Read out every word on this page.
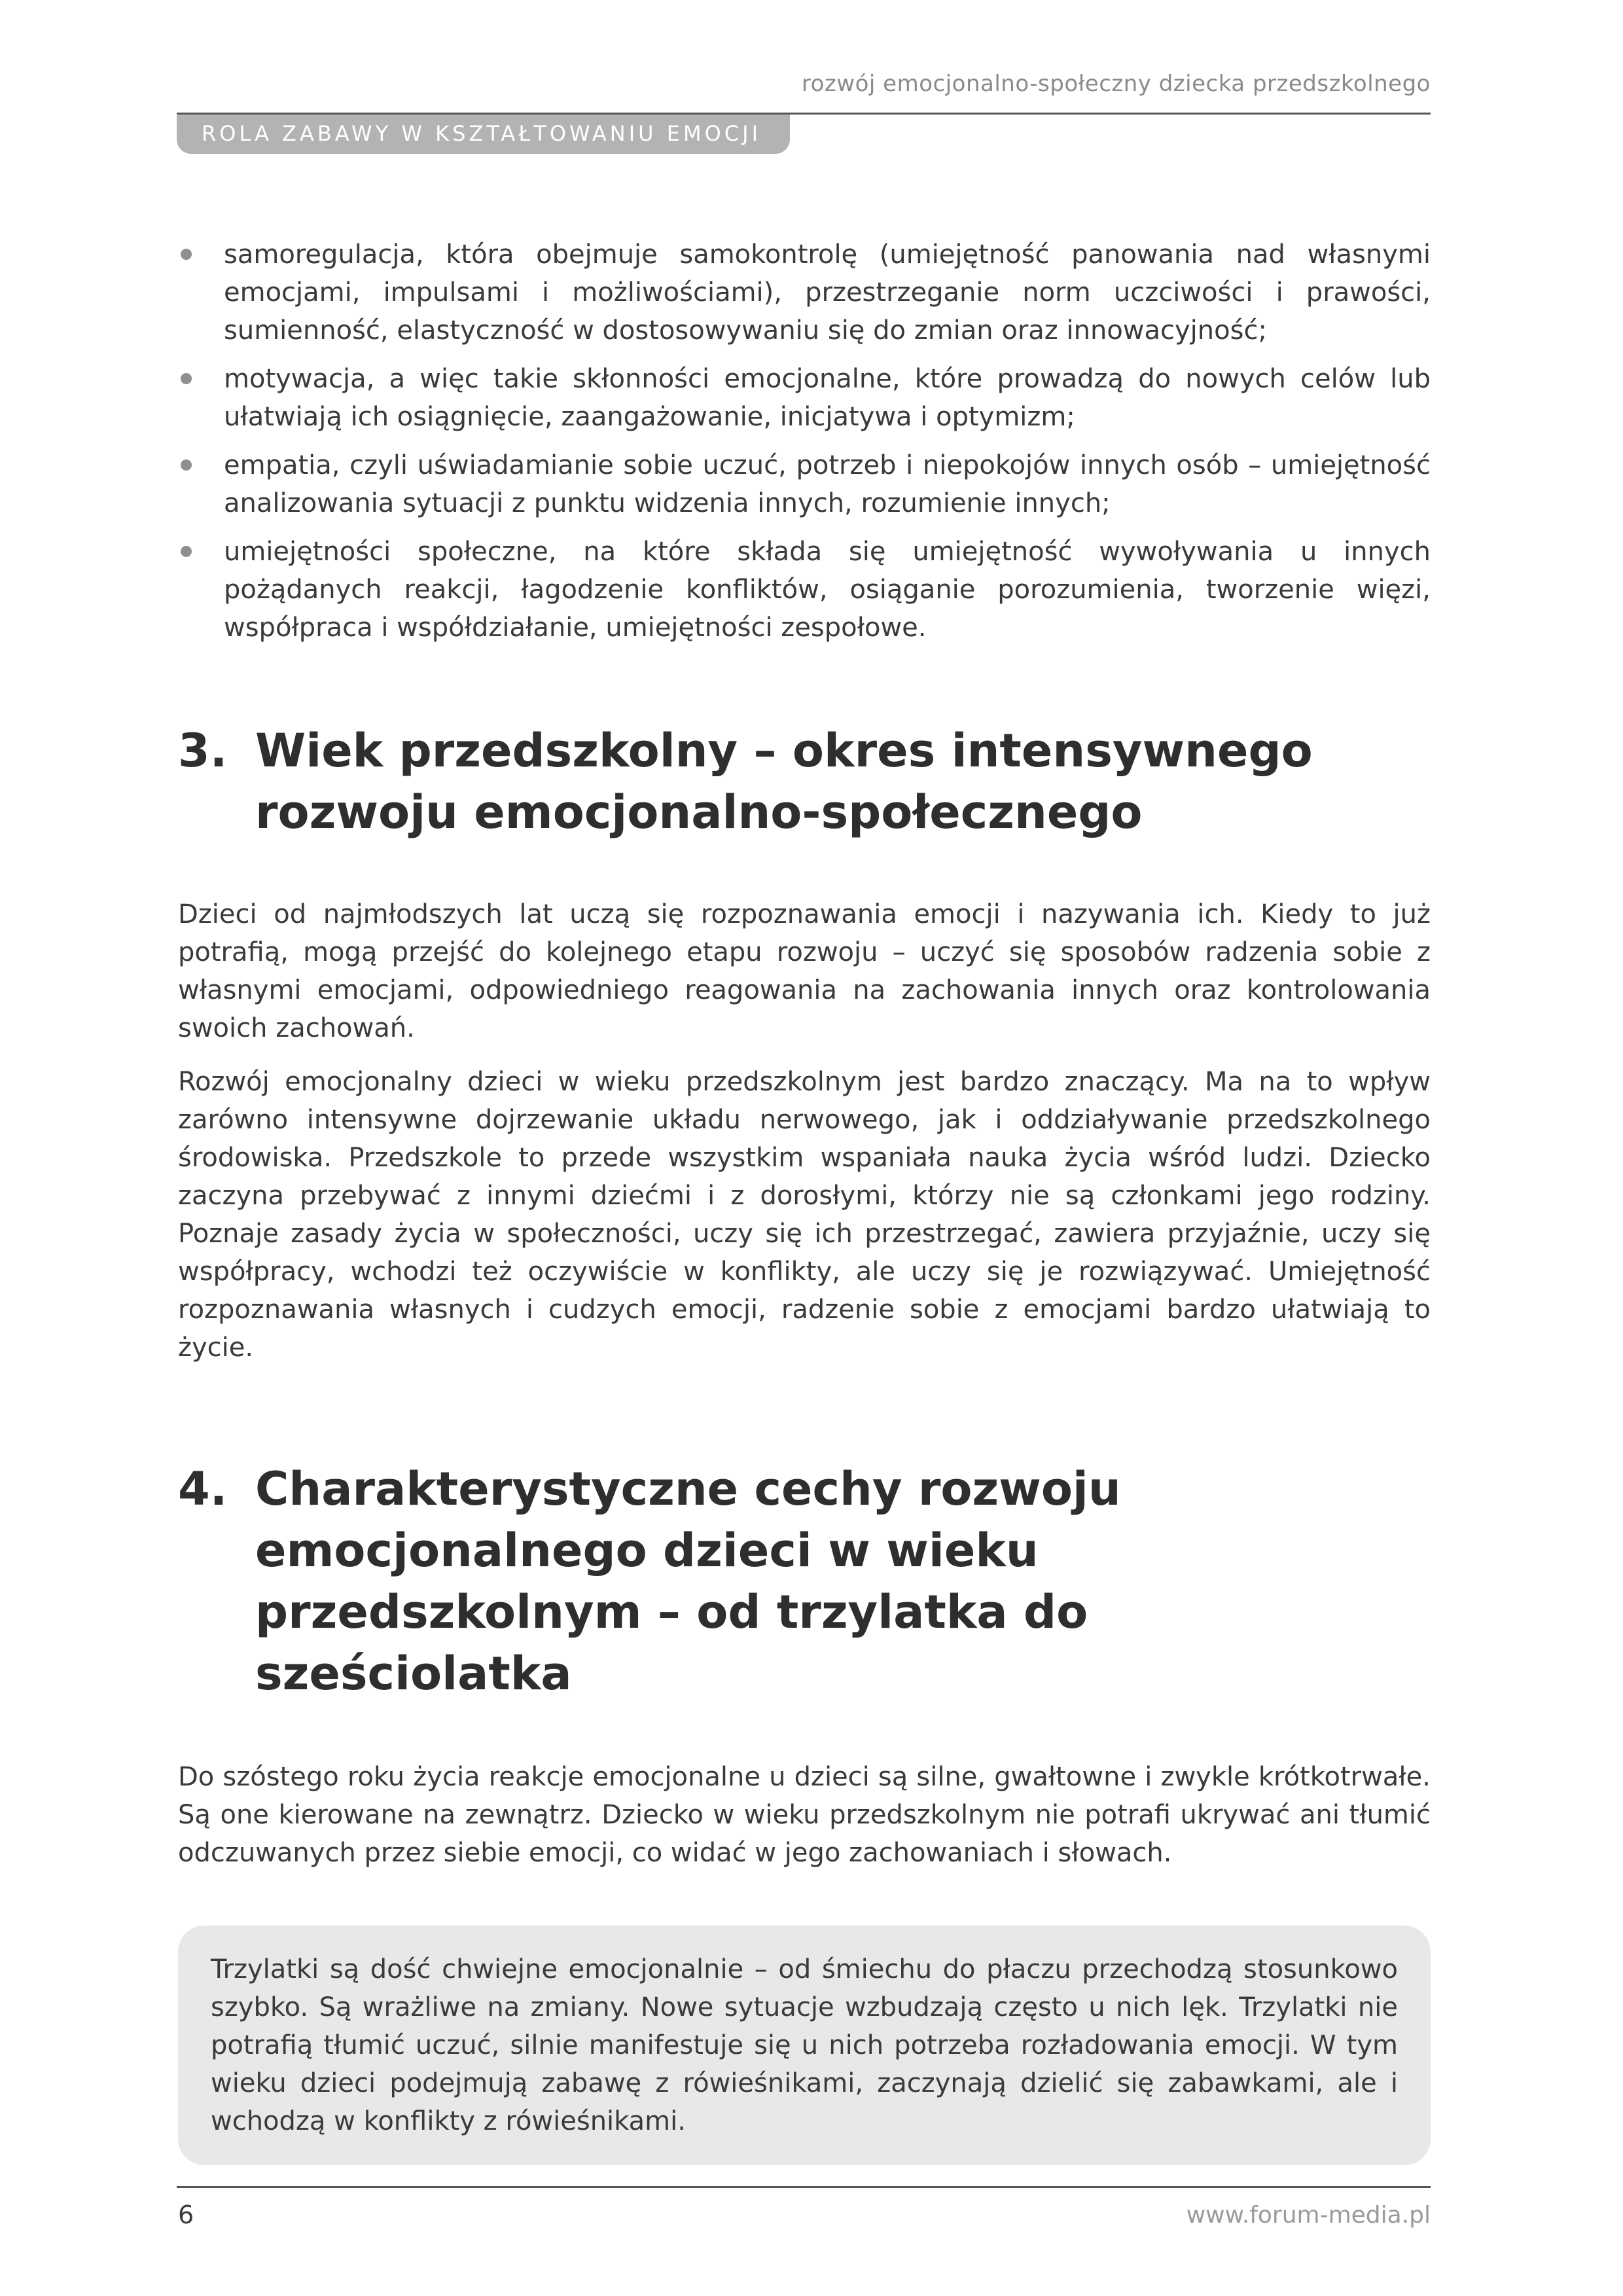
rozwój emocjonalno-społeczny dziecka przedszkolnego
ROLA ZABAWY W KSZTAŁTOWANIU EMOCJI
samoregulacja, która obejmuje samokontrolę (umiejętność panowania nad własnymi emocjami, impulsami i możliwościami), przestrzeganie norm uczciwości i prawości, sumienność, elastyczność w dostosowywaniu się do zmian oraz innowacyjność;
motywacja, a więc takie skłonności emocjonalne, które prowadzą do nowych celów lub ułatwiają ich osiągnięcie, zaangażowanie, inicjatywa i optymizm;
empatia, czyli uświadamianie sobie uczuć, potrzeb i niepokojów innych osób – umiejętność analizowania sytuacji z punktu widzenia innych, rozumienie innych;
umiejętności społeczne, na które składa się umiejętność wywoływania u innych pożądanych reakcji, łagodzenie konfliktów, osiąganie porozumienia, tworzenie więzi, współpraca i współdziałanie, umiejętności zespołowe.
3. Wiek przedszkolny – okres intensywnego rozwoju emocjonalno-społecznego

Dzieci od najmłodszych lat uczą się rozpoznawania emocji i nazywania ich. Kiedy to już potrafią, mogą przejść do kolejnego etapu rozwoju – uczyć się sposobów radzenia sobie z własnymi emocjami, odpowiedniego reagowania na zachowania innych oraz kontrolowania swoich zachowań.

Rozwój emocjonalny dzieci w wieku przedszkolnym jest bardzo znaczący. Ma na to wpływ zarówno intensywne dojrzewanie układu nerwowego, jak i oddziaływanie przedszkolnego środowiska. Przedszkole to przede wszystkim wspaniała nauka życia wśród ludzi. Dziecko zaczyna przebywać z innymi dziećmi i z dorosłymi, którzy nie są członkami jego rodziny. Poznaje zasady życia w społeczności, uczy się ich przestrzegać, zawiera przyjaźnie, uczy się współpracy, wchodzi też oczywiście w konflikty, ale uczy się je rozwiązywać. Umiejętność rozpoznawania własnych i cudzych emocji, radzenie sobie z emocjami bardzo ułatwiają to życie.

4. Charakterystyczne cechy rozwoju emocjonalnego dzieci w wieku przedszkolnym – od trzylatka do sześciolatka

Do szóstego roku życia reakcje emocjonalne u dzieci są silne, gwałtowne i zwykle krótkotrwałe. Są one kierowane na zewnątrz. Dziecko w wieku przedszkolnym nie potrafi ukrywać ani tłumić odczuwanych przez siebie emocji, co widać w jego zachowaniach i słowach.

Trzylatki są dość chwiejne emocjonalnie – od śmiechu do płaczu przechodzą stosunkowo szybko. Są wrażliwe na zmiany. Nowe sytuacje wzbudzają często u nich lęk. Trzylatki nie potrafią tłumić uczuć, silnie manifestuje się u nich potrzeba rozładowania emocji. W tym wieku dzieci podejmują zabawę z rówieśnikami, zaczynają dzielić się zabawkami, ale i wchodzą w konflikty z rówieśnikami.

6	www.forum-media.pl
